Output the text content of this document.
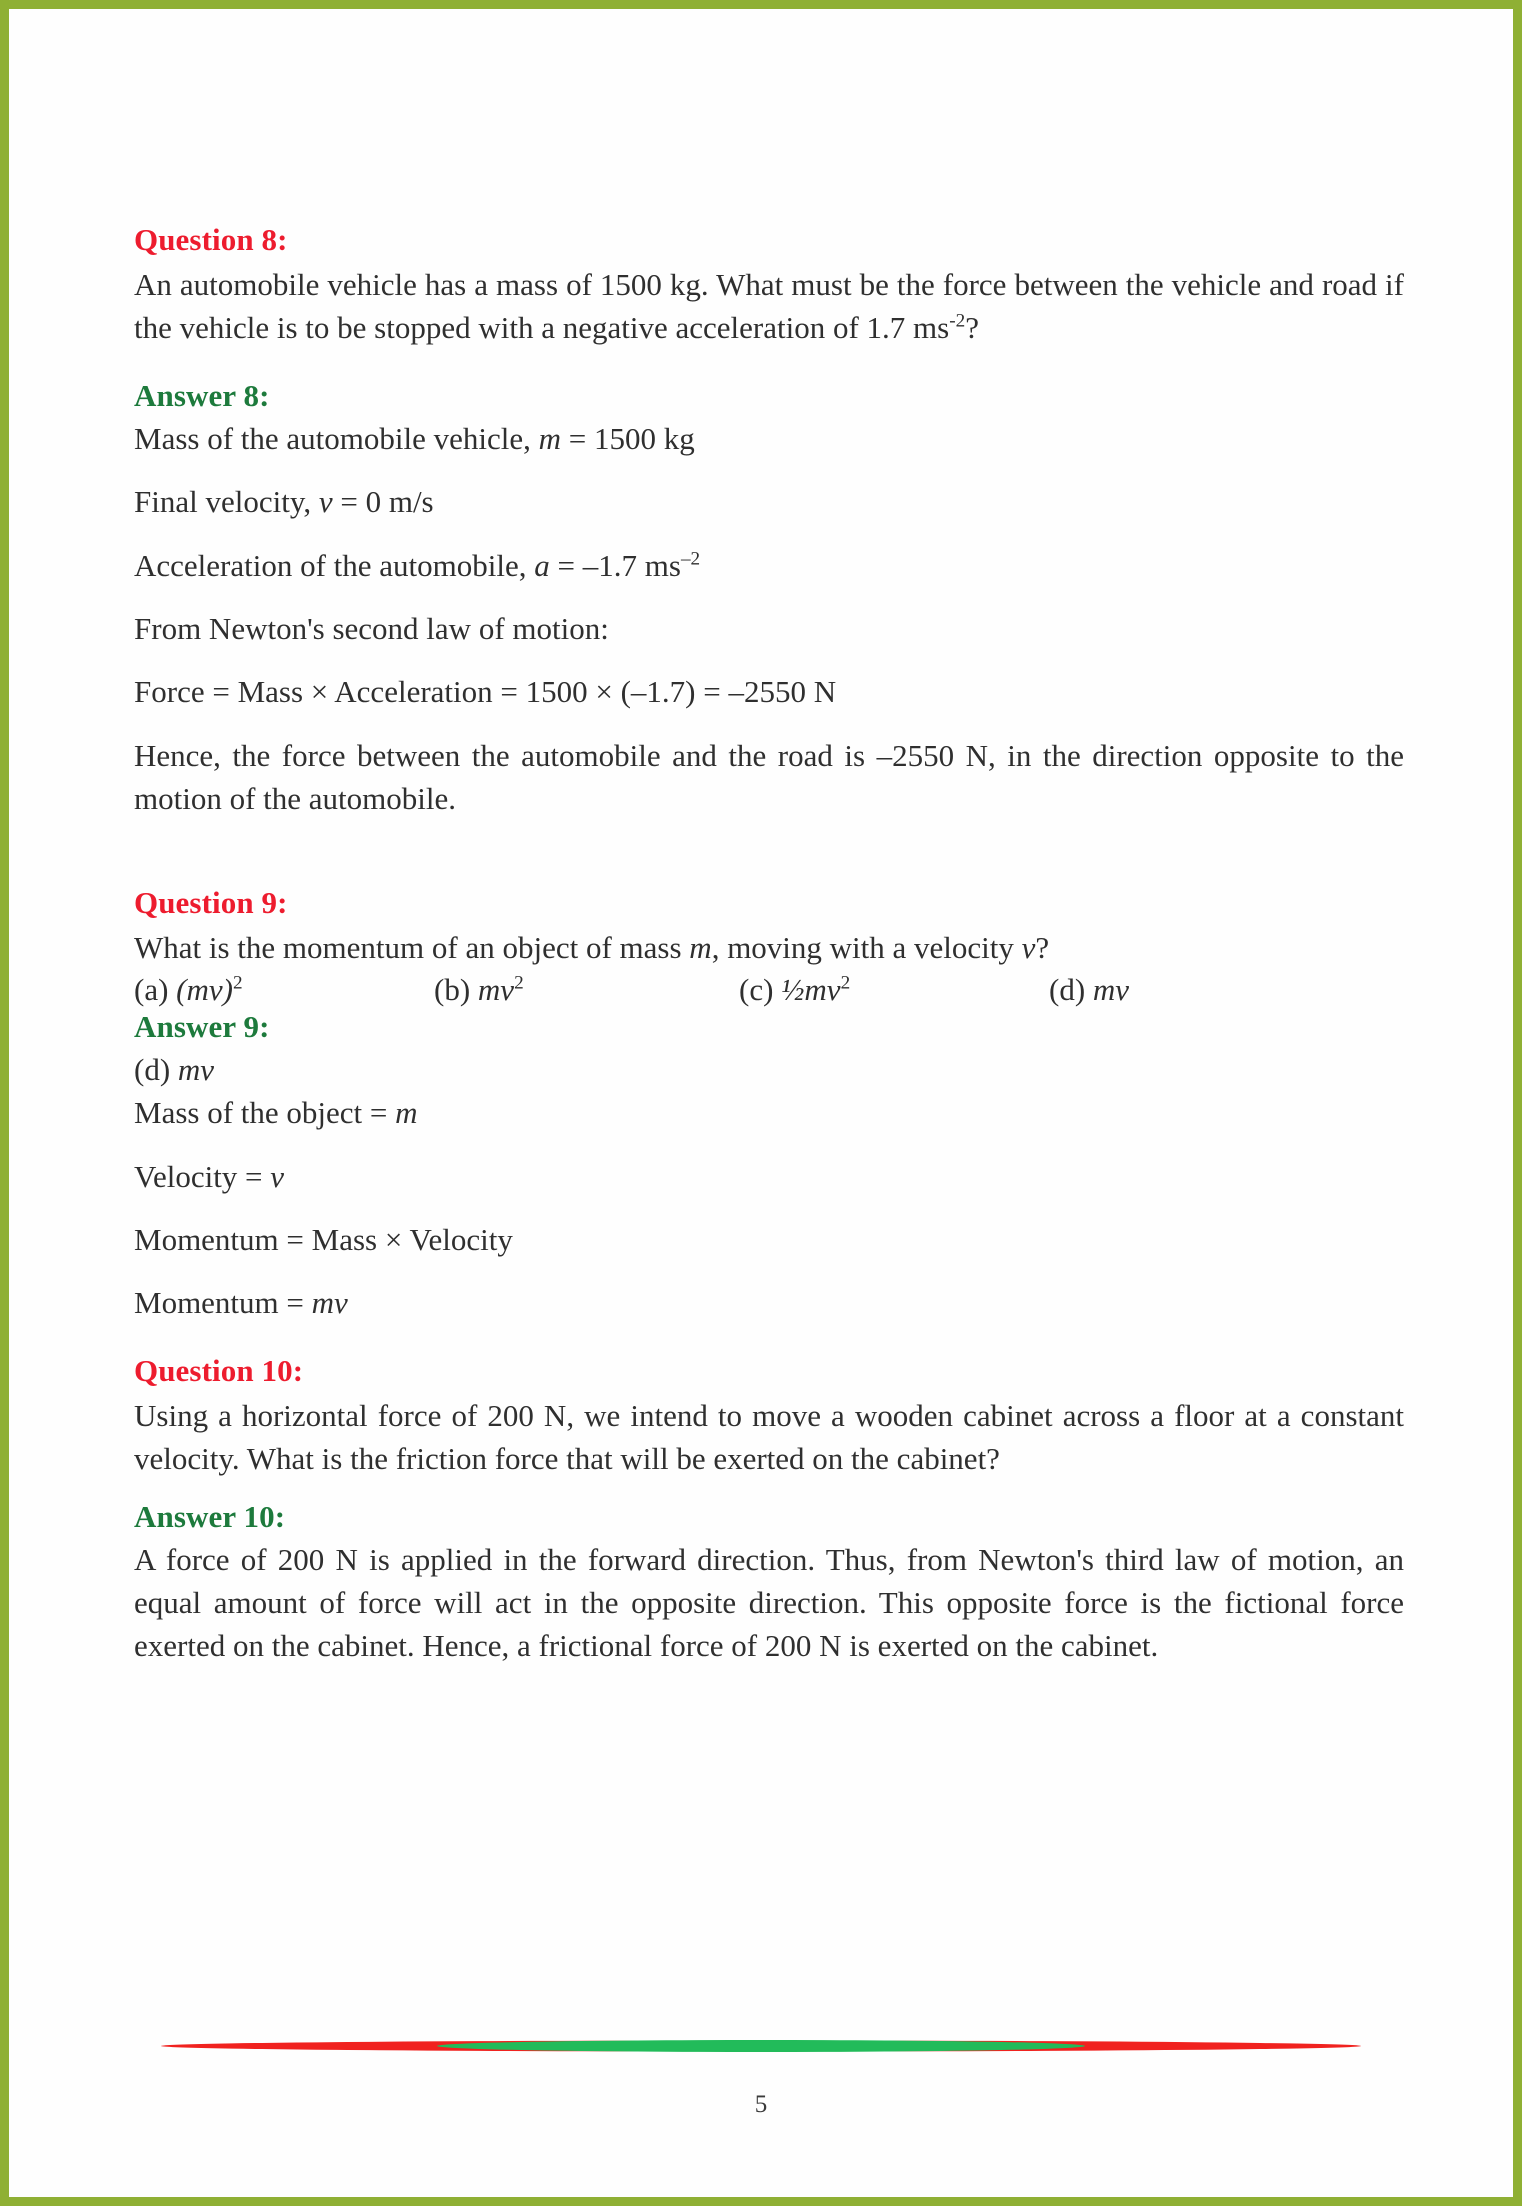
Question 8:

An automobile vehicle has a mass of 1500 kg. What must be the force between the vehicle and road if the vehicle is to be stopped with a negative acceleration of 1.7 $ms^{-2}$?

Answer 8:

Mass of the automobile vehicle, m = 1500 kg

Final velocity, v = 0 m/s

Acceleration of the automobile, a = –1.7 $ms^{-2}$

From Newton's second law of motion:

Force = Mass × Acceleration = 1500 × (–1.7) = –2550 N

Hence, the force between the automobile and the road is –2550 N, in the direction opposite to the motion of the automobile.

Question 9:

What is the momentum of an object of mass m, moving with a velocity v?

(a) (mv)$^2$	(b) $mv^2$	(c) $\frac{1}{2}mv^2$	(d) mv
Answer 9:

(d) mv

Mass of the object = m

Velocity = v

Momentum = Mass × Velocity

Momentum = mv

Question 10:

Using a horizontal force of 200 N, we intend to move a wooden cabinet across a floor at a constant velocity. What is the friction force that will be exerted on the cabinet?

Answer 10:

A force of 200 N is applied in the forward direction. Thus, from Newton's third law of motion, an equal amount of force will act in the opposite direction. This opposite force is the fictional force exerted on the cabinet. Hence, a frictional force of 200 N is exerted on the cabinet.

5
